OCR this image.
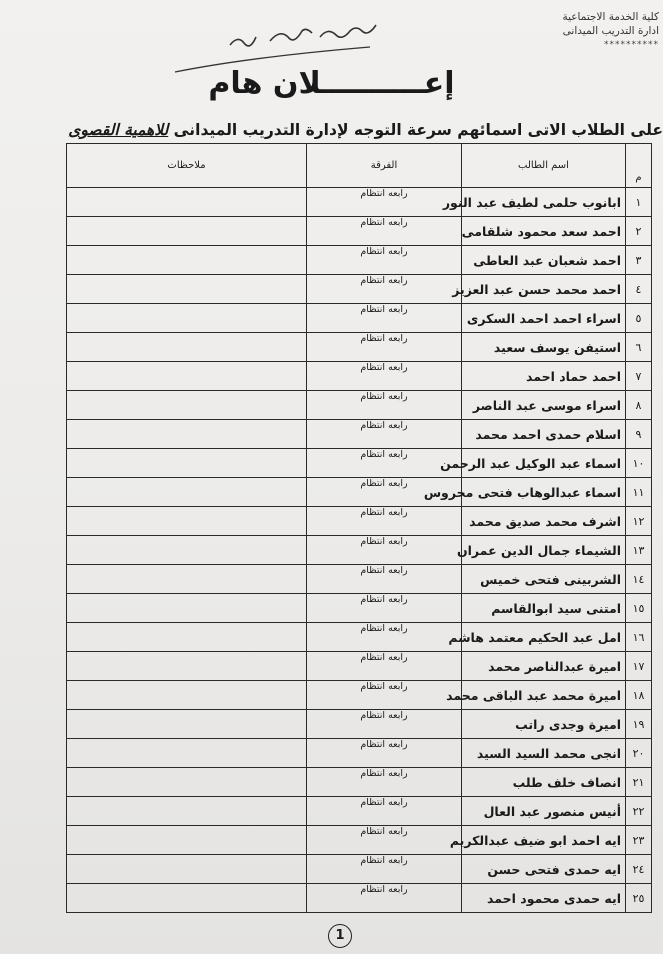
كلية الخدمة الاجتماعية
ادارة التدريب الميدانى
**********
إعــــــــــلان هام
على الطلاب الاتى اسمائهم سرعة التوجه لإدارة التدريب الميدانى للاهمية القصوى
م	اسم الطالب	الفرقة	ملاحظات
١	ابانوب حلمى لطيف عبد النور	رابعه انتظام	
٢	احمد سعد محمود شلقامى	رابعه انتظام	
٣	احمد شعبان عبد العاطى	رابعه انتظام	
٤	احمد محمد حسن عبد العزيز	رابعه انتظام	
٥	اسراء احمد احمد السكرى	رابعه انتظام	
٦	استيفن يوسف سعيد	رابعه انتظام	
٧	احمد حماد احمد	رابعه انتظام	
٨	اسراء موسى عبد الناصر	رابعه انتظام	
٩	اسلام حمدى احمد محمد	رابعه انتظام	
١٠	اسماء عبد الوكيل عبد الرحمن	رابعه انتظام	
١١	اسماء عبدالوهاب فتحى محروس	رابعه انتظام	
١٢	اشرف محمد صديق محمد	رابعه انتظام	
١٣	الشيماء جمال الدين عمران	رابعه انتظام	
١٤	الشربينى فتحى خميس	رابعه انتظام	
١٥	امتنى سيد ابوالقاسم	رابعه انتظام	
١٦	امل عبد الحكيم معتمد هاشم	رابعه انتظام	
١٧	اميرة عبدالناصر محمد	رابعه انتظام	
١٨	اميرة محمد عبد الباقى محمد	رابعه انتظام	
١٩	اميرة وجدى راتب	رابعه انتظام	
٢٠	انجى محمد السيد السيد	رابعه انتظام	
٢١	انصاف خلف طلب	رابعه انتظام	
٢٢	أنيس منصور عبد العال	رابعه انتظام	
٢٣	ايه احمد ابو ضيف عبدالكريم	رابعه انتظام	
٢٤	ايه حمدى فتحى حسن	رابعه انتظام	
٢٥	ايه حمدى محمود احمد	رابعه انتظام	
1
